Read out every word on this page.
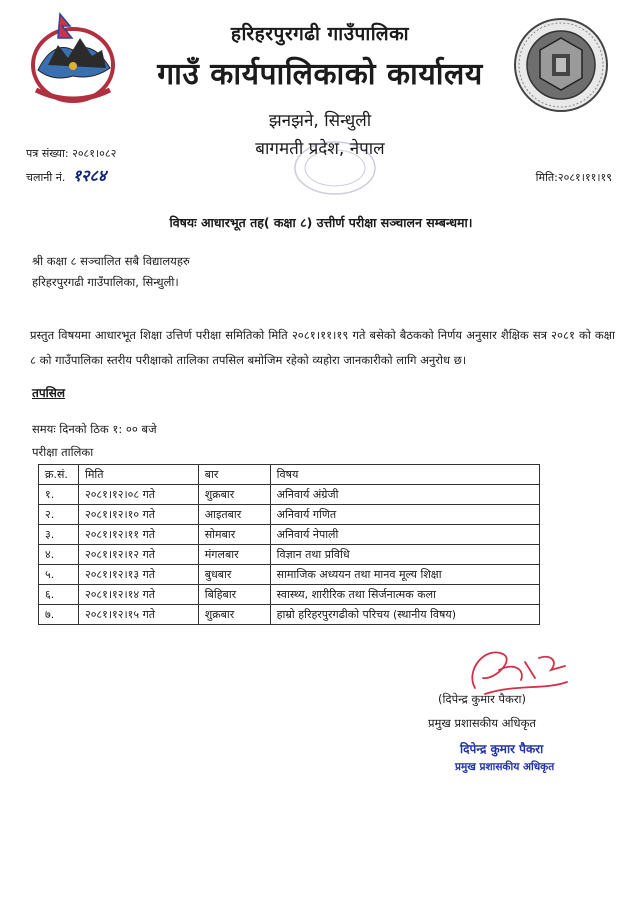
हरिहरपुरगढी गाउँपालिका
गाउँ कार्यपालिकाको कार्यालय
झनझने, सिन्धुली
बागमती प्रदेश, नेपाल
पत्र संख्या: २०८१।०८२
चलानी नं. १२८४	मिति:२०८१।११।१९
विषयः आधारभूत तह( कक्षा ८) उत्तीर्ण परीक्षा सञ्चालन सम्बन्धमा।
श्री कक्षा ८ सञ्चालित सबै विद्यालयहरु
हरिहरपुरगढी गाउँपालिका, सिन्धुली।
प्रस्तुत विषयमा आधारभूत शिक्षा उत्तिर्ण परीक्षा समितिको मिति २०८१।११।१९ गते बसेको बैठकको निर्णय अनुसार शैक्षिक सत्र २०८१ को कक्षा ८ को गाउँपालिका स्तरीय परीक्षाको तालिका तपसिल बमोजिम रहेको व्यहोरा जानकारीको लागि अनुरोध छ।
तपसिल
समयः दिनको ठिक १: ०० बजे
परीक्षा तालिका
क्र.सं.	मिति	बार	विषय
१.	२०८१।१२।०८ गते	शुक्रबार	अनिवार्य अंग्रेजी
२.	२०८१।१२।१० गते	आइतबार	अनिवार्य गणित
३.	२०८१।१२।११ गते	सोमबार	अनिवार्य नेपाली
४.	२०८१।१२।१२ गते	मंगलबार	विज्ञान तथा प्रविधि
५.	२०८१।१२।१३ गते	बुधबार	सामाजिक अध्ययन तथा मानव मूल्य शिक्षा
६.	२०८१।१२।१४ गते	बिहिबार	स्वास्थ्य, शारीरिक तथा सिर्जनात्मक कला
७.	२०८१।१२।१५ गते	शुक्रबार	हाम्रो हरिहरपुरगढीको परिचय (स्थानीय विषय)
(दिपेन्द्र कुमार पैकरा)
प्रमुख प्रशासकीय अधिकृत
दिपेन्द्र कुमार पैकरा
प्रमुख प्रशासकीय अधिकृत
